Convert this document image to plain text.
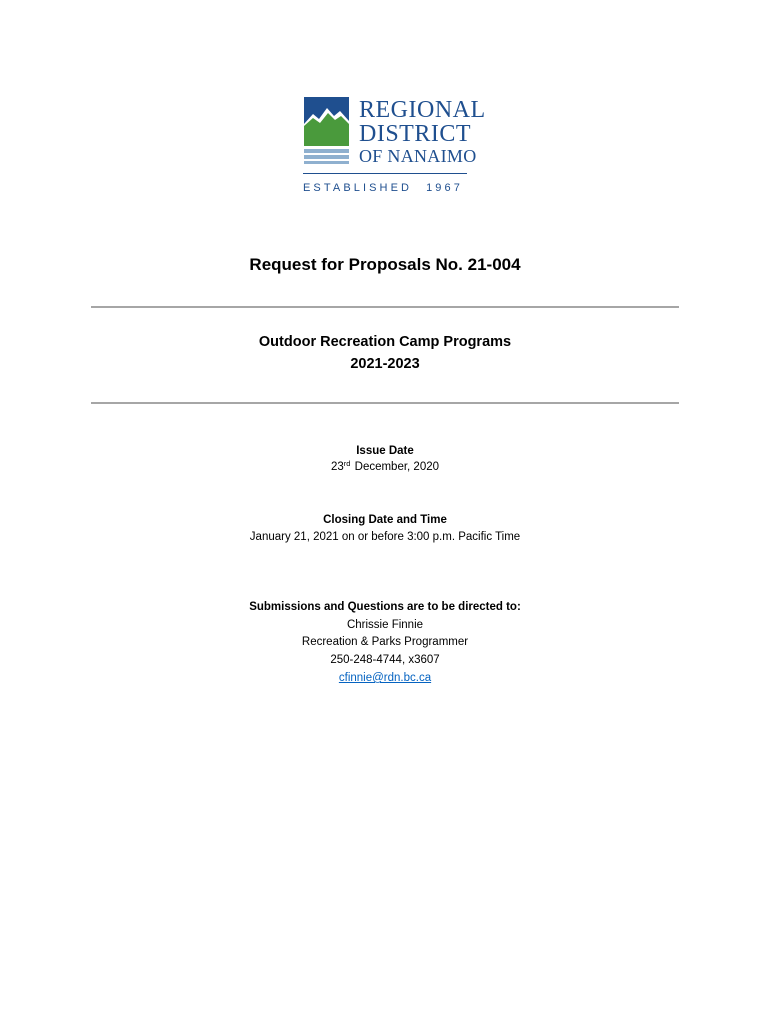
REGIONAL
DISTRICT
OF NANAIMO
ESTABLISHED 1967
Request for Proposals No. 21-004
Outdoor Recreation Camp Programs
2021-2023
Issue Date
23rd December, 2020
Closing Date and Time
January 21, 2021 on or before 3:00 p.m. Pacific Time
Submissions and Questions are to be directed to:
Chrissie Finnie
Recreation & Parks Programmer
250-248-4744, x3607
cfinnie@rdn.bc.ca
